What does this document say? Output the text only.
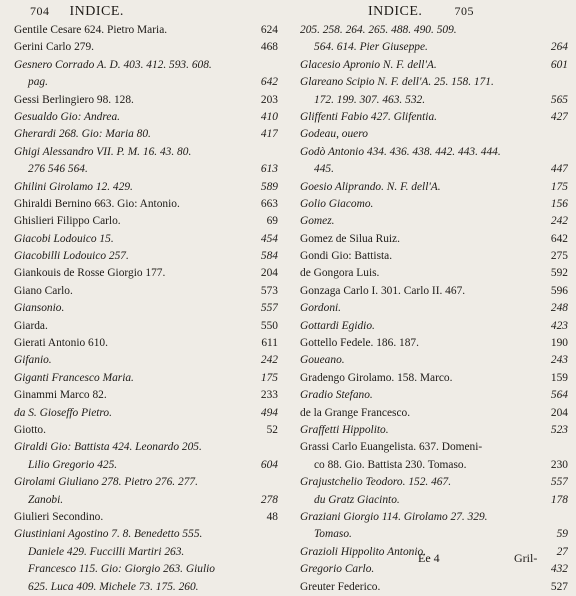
704 INDICE.	INDICE.	705
Gentile Cesare 624. Pietro Maria.	624
Gerini Carlo 279.	468
Gesnero Corrado A. D. 403. 412. 593. 608.
pag.	642
Gessi Berlingiero 98. 128.	203
Gesualdo Gio: Andrea.	410
Gherardi 268. Gio: Maria 80.	417
Ghigi Alessandro VII. P. M. 16. 43. 80.
276 546 564.	613
Ghilini Girolamo 12. 429.	589
Ghiraldi Bernino 663. Gio: Antonio.	663
Ghislieri Filippo Carlo.	69
Giacobi Lodouico 15.	454
Giacobilli Lodouico 257.	584
Giankouis de Rosse Giorgio 177.	204
Giano Carlo.	573
Giansonio.	557
Giarda.	550
Gierati Antonio 610.	611
Gifanio.	242
Giganti Francesco Maria.	175
Ginammi Marco 82.	233
da S. Gioseffo Pietro.	494
Giotto.	52
Giraldi Gio: Battista 424. Leonardo 205.
Lilio Gregorio 425.	604
Girolami Giuliano 278. Pietro 276. 277.
Zanobi.	278
Giulieri Secondino.	48
Giustiniani Agostino 7. 8. Benedetto 555.
Daniele 429. Fuccilli Martiri 263.
Francesco 115. Gio: Giorgio 263. Giulio
625. Luca 409. Michele 73. 175. 260.
205. 258. 264. 265. 488. 490. 509.
564. 614. Pier Giuseppe.	264
Glacesio Apronio N. F. dell'A.	601
Glareano Scipio N. F. dell'A. 25. 158. 171.
172. 199. 307. 463. 532.	565
Gliffenti Fabio 427. Glifentia.	427
Godeau, ouero
Godò Antonio 434. 436. 438. 442. 443. 444.
445.	447
Goesio Aliprando. N. F. dell'A.	175
Golio Giacomo.	156
Gomez.	242
Gomez de Silua Ruiz.	642
Gondi Gio: Battista.	275
de Gongora Luis.	592
Gonzaga Carlo I. 301. Carlo II. 467.	596
Gordoni.	248
Gottardi Egidio.	423
Gottello Fedele. 186. 187.	190
Goueano.	243
Gradengo Girolamo. 158. Marco.	159
Gradio Stefano.	564
de la Grange Francesco.	204
Graffetti Hippolito.	523
Grassi Carlo Euangelista. 637. Domeni-
co 88. Gio. Battista 230. Tomaso.	230
Grajustchelio Teodoro. 152. 467.	557
du Gratz Giacinto.	178
Graziani Giorgio 114. Girolamo 27. 329.
Tomaso.	59
Grazioli Hippolito Antonio.	27
Gregorio Carlo.	432
Greuter Federico.	527
Ee 4	Gril-
